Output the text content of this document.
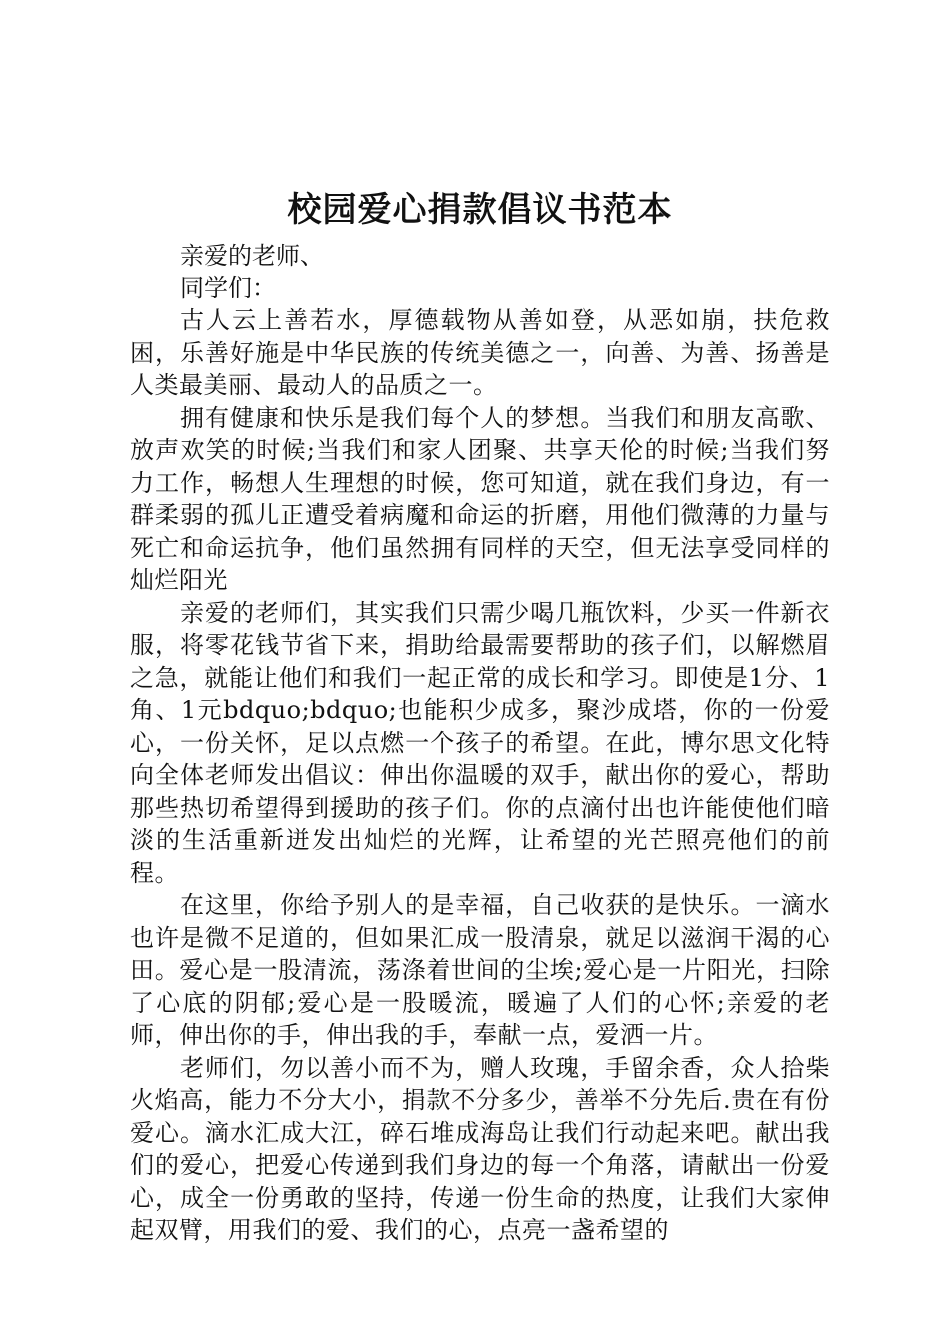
校园爱心捐款倡议书范本

亲爱的老师、

同学们：

古人云上善若水，厚德载物从善如登，从恶如崩，扶危救困，乐善好施是中华民族的传统美德之一，向善、为善、扬善是人类最美丽、最动人的品质之一。

拥有健康和快乐是我们每个人的梦想。当我们和朋友高歌、放声欢笑的时候;当我们和家人团聚、共享天伦的时候;当我们努力工作，畅想人生理想的时候，您可知道，就在我们身边，有一群柔弱的孤儿正遭受着病魔和命运的折磨，用他们微薄的力量与死亡和命运抗争，他们虽然拥有同样的天空，但无法享受同样的灿烂阳光

亲爱的老师们，其实我们只需少喝几瓶饮料，少买一件新衣服，将零花钱节省下来，捐助给最需要帮助的孩子们，以解燃眉之急，就能让他们和我们一起正常的成长和学习。即使是1分、1角、1元bdquo;bdquo;也能积少成多，聚沙成塔，你的一份爱心，一份关怀，足以点燃一个孩子的希望。在此，博尔思文化特向全体老师发出倡议：伸出你温暖的双手，献出你的爱心，帮助那些热切希望得到援助的孩子们。你的点滴付出也许能使他们暗淡的生活重新迸发出灿烂的光辉，让希望的光芒照亮他们的前程。

在这里，你给予别人的是幸福，自己收获的是快乐。一滴水也许是微不足道的，但如果汇成一股清泉，就足以滋润干渴的心田。爱心是一股清流，荡涤着世间的尘埃;爱心是一片阳光，扫除了心底的阴郁;爱心是一股暖流，暖遍了人们的心怀;亲爱的老师，伸出你的手，伸出我的手，奉献一点，爱洒一片。

老师们，勿以善小而不为，赠人玫瑰，手留余香，众人拾柴火焰高，能力不分大小，捐款不分多少，善举不分先后.贵在有份爱心。滴水汇成大江，碎石堆成海岛让我们行动起来吧。献出我们的爱心，把爱心传递到我们身边的每一个角落，请献出一份爱心，成全一份勇敢的坚持，传递一份生命的热度，让我们大家伸起双臂，用我们的爱、我们的心，点亮一盏希望的
